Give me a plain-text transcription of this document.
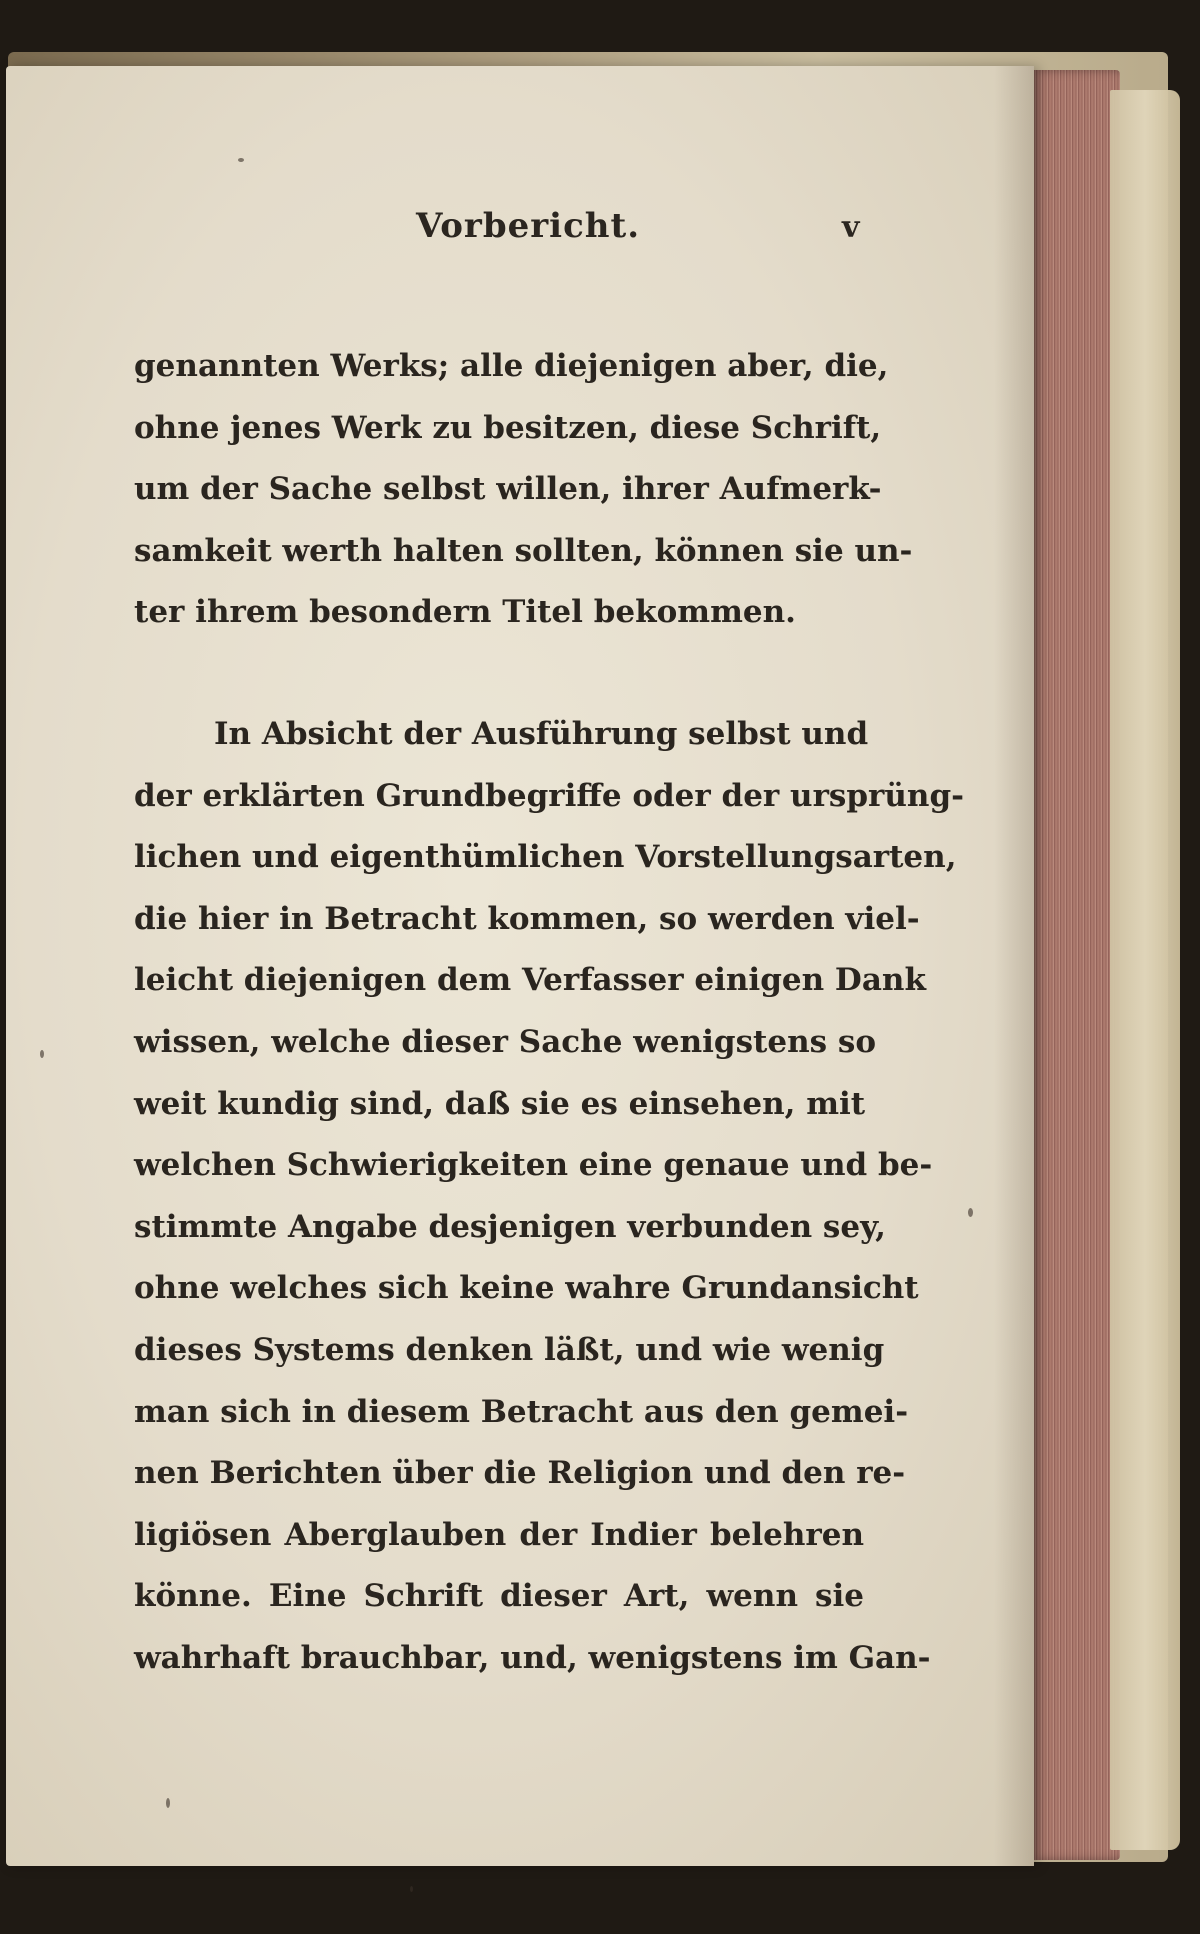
Vorbericht.	v
genannten Werks; alle diejenigen aber, die,
ohne jenes Werk zu besitzen, diese Schrift,
um der Sache selbst willen, ihrer Aufmerk-
samkeit werth halten sollten, können sie un-
ter ihrem besondern Titel bekommen.
In Absicht der Ausführung selbst und
der erklärten Grundbegriffe oder der ursprüng-
lichen und eigenthümlichen Vorstellungsarten,
die hier in Betracht kommen, so werden viel-
leicht diejenigen dem Verfasser einigen Dank
wissen, welche dieser Sache wenigstens so
weit kundig sind, daß sie es einsehen, mit
welchen Schwierigkeiten eine genaue und be-
stimmte Angabe desjenigen verbunden sey,
ohne welches sich keine wahre Grundansicht
dieses Systems denken läßt, und wie wenig
man sich in diesem Betracht aus den gemei-
nen Berichten über die Religion und den re-
ligiösen Aberglauben der Indier belehren
könne. Eine Schrift dieser Art, wenn sie
wahrhaft brauchbar, und, wenigstens im Gan-
